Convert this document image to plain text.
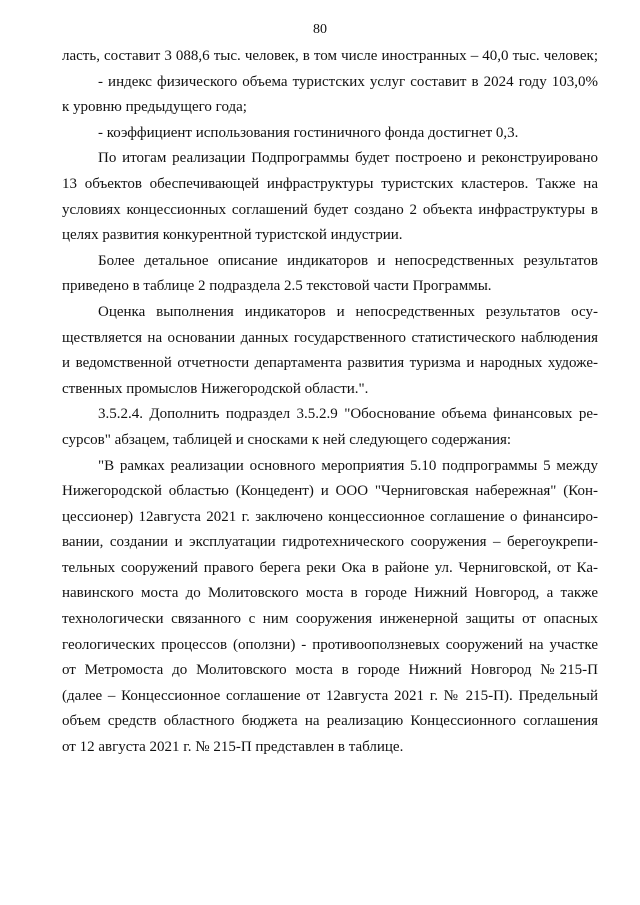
80
ласть, составит 3 088,6 тыс. человек, в том числе иностранных – 40,0 тыс. человек;
- индекс физического объема туристских услуг составит в 2024 году 103,0%
к уровню предыдущего года;
- коэффициент использования гостиничного фонда достигнет 0,3.
По итогам реализации Подпрограммы будет построено и реконструировано
13 объектов обеспечивающей инфраструктуры туристских кластеров. Также на
условиях концессионных соглашений будет создано 2 объекта инфраструктуры в
целях развития конкурентной туристской индустрии.
Более детальное описание индикаторов и непосредственных результатов
приведено в таблице 2 подраздела 2.5 текстовой части Программы.
Оценка выполнения индикаторов и непосредственных результатов осу-
ществляется на основании данных государственного статистического наблюдения
и ведомственной отчетности департамента развития туризма и народных художе-
ственных промыслов Нижегородской области.".
3.5.2.4. Дополнить подраздел 3.5.2.9 "Обоснование объема финансовых ре-
сурсов" абзацем, таблицей и сносками к ней следующего содержания:
"В рамках реализации основного мероприятия 5.10 подпрограммы 5 между
Нижегородской областью (Концедент) и ООО "Черниговская набережная" (Кон-
цессионер) 12августа 2021 г. заключено концессионное соглашение о финансиро-
вании, создании и эксплуатации гидротехнического сооружения – берегоукрепи-
тельных сооружений правого берега реки Ока в районе ул. Черниговской, от Ка-
навинского моста до Молитовского моста в городе Нижний Новгород, а также
технологически связанного с ним сооружения инженерной защиты от опасных
геологических процессов (оползни) - противооползневых сооружений на участке
от Метромоста до Молитовского моста в городе Нижний Новгород №215-П
(далее – Концессионное соглашение от 12августа 2021 г. № 215-П). Предельный
объем средств областного бюджета на реализацию Концессионного соглашения
от 12 августа 2021 г. № 215-П представлен в таблице.
